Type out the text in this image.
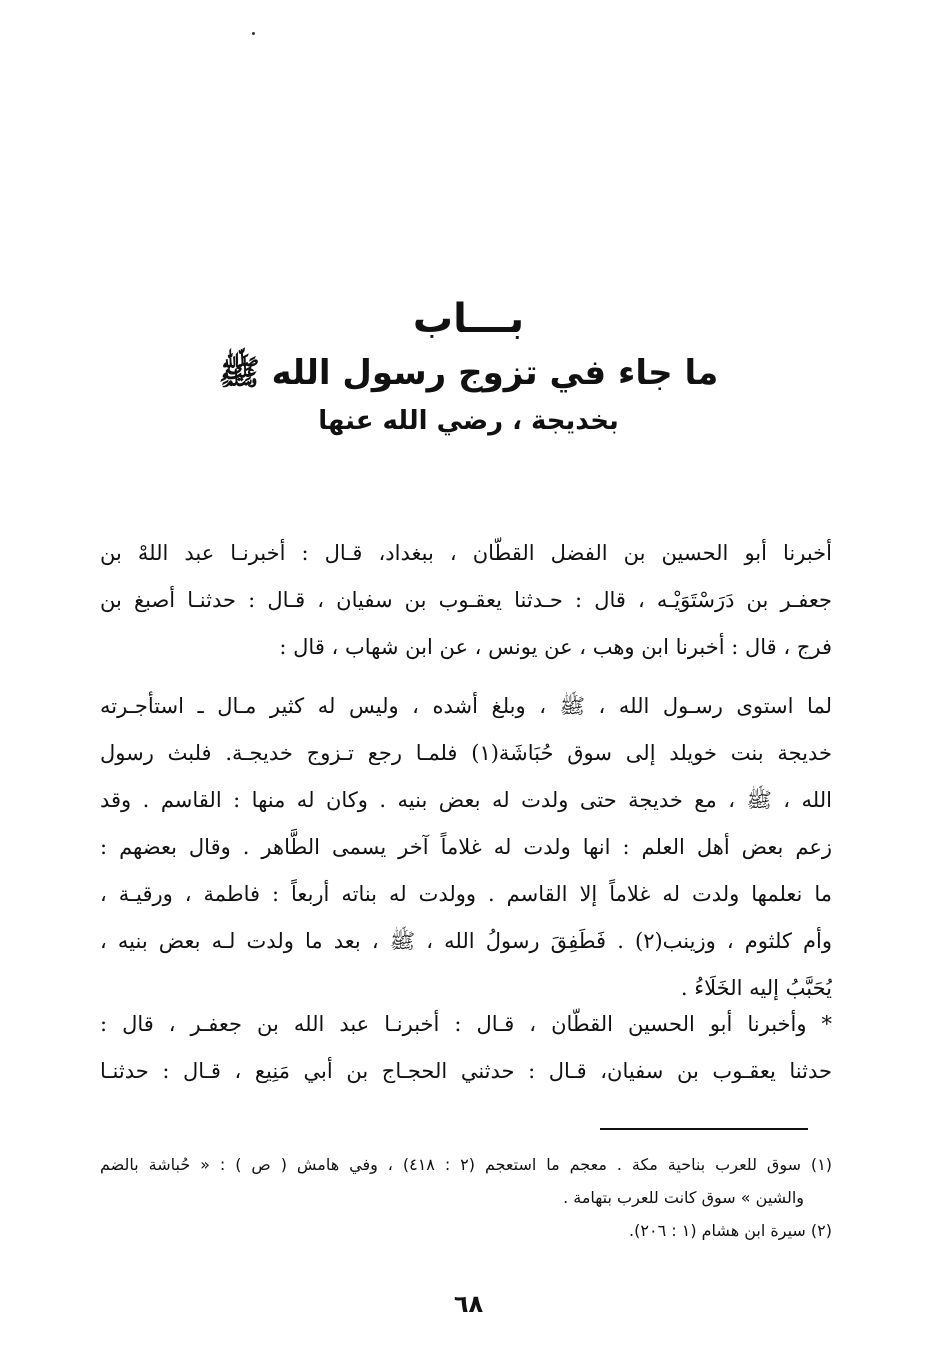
بـــاب
ما جاء في تزوج رسول الله ﷺ
بخديجة ، رضي الله عنها
أخبرنا أبو الحسين بن الفضل القطّان ، ببغداد، قـال : أخبرنـا عبد اللهْ بن
جعفـر بن دَرَسْتَوَيْـه ، قال : حـدثنا يعقـوب بن سفيان ، قـال : حدثنـا أصبغ بن
فرج ، قال : أخبرنا ابن وهب ، عن يونس ، عن ابن شهاب ، قال :
لما استوى رسـول الله ، ﷺ ، وبلغ أشده ، وليس له كثير مـال ـ استأجـرته
خديجة بنت خويلد إلى سوق حُبَاشَة(١) فلمـا رجع تـزوج خديجـة. فلبث رسول
الله ، ﷺ ، مع خديجة حتى ولدت له بعض بنيه . وكان له منها : القاسم . وقد
زعم بعض أهل العلم : انها ولدت له غلاماً آخر يسمى الطَّاهر . وقال بعضهم :
ما نعلمها ولدت له غلاماً إلا القاسم . وولدت له بناته أربعاً : فاطمة ، ورقيـة ،
وأم كلثوم ، وزينب(٢) . فَطَفِقَ رسولُ الله ، ﷺ ، بعد ما ولدت لـه بعض بنيه ،
يُحَبَّبُ إليه الخَلَاءُ .
* وأخبرنا أبو الحسين القطّان ، قـال : أخبرنـا عبد الله بن جعفـر ، قال :
حدثنا يعقـوب بن سفيان، قـال : حدثني الحجـاج بن أبي مَنِيع ، قـال : حدثنـا
(١) سوق للعرب بناحية مكة . معجم ما استعجم (٢ : ٤١٨) ، وفي هامش ( ص ) : « حُباشة بالضم
والشين » سوق كانت للعرب بتهامة .
(٢) سيرة ابن هشام (١ : ٢٠٦).
٦٨
